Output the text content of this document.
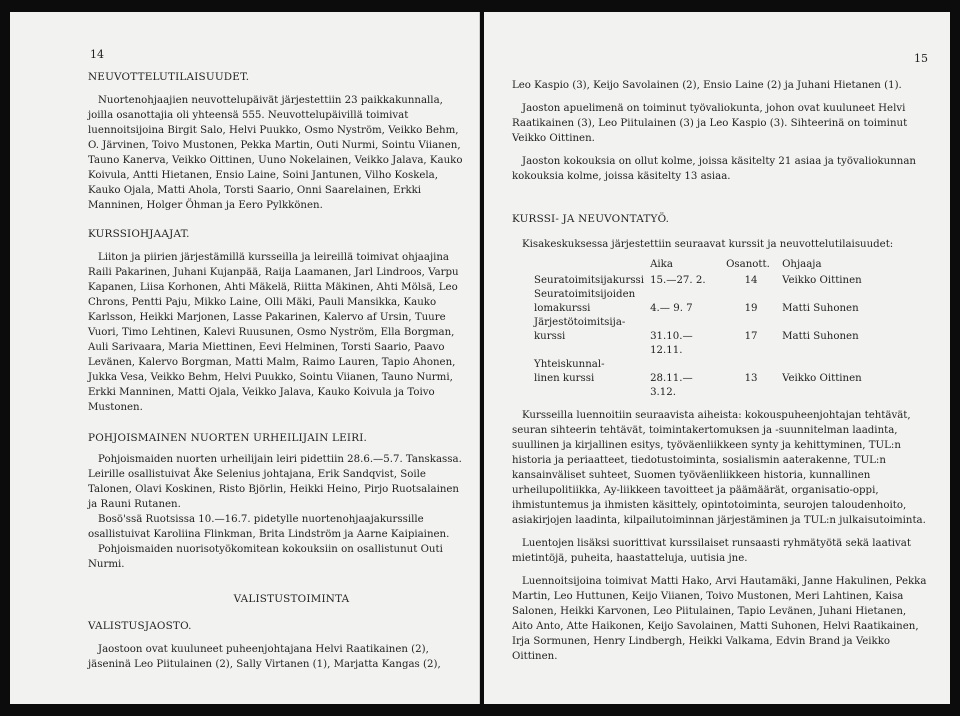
14
NEUVOTTELUTILAISUUDET.

Nuortenohjaajien neuvottelupäivät järjestettiin 23 paikkakunnalla, joilla osanottajia oli yhteensä 555. Neuvottelupäivillä toimivat luennoitsijoina Birgit Salo, Helvi Puukko, Osmo Nyström, Veikko Behm, O. Järvinen, Toivo Mustonen, Pekka Martin, Outi Nurmi, Sointu Viianen, Tauno Kanerva, Veikko Oittinen, Uuno Nokelainen, Veikko Jalava, Kauko Koivula, Antti Hietanen, Ensio Laine, Soini Jantunen, Vilho Koskela, Kauko Ojala, Matti Ahola, Torsti Saario, Onni Saarelainen, Erkki Manninen, Holger Öhman ja Eero Pylkkönen.

KURSSIOHJAAJAT.

Liiton ja piirien järjestämillä kursseilla ja leireillä toimivat ohjaajina Raili Pakarinen, Juhani Kujanpää, Raija Laamanen, Jarl Lindroos, Varpu Kapanen, Liisa Korhonen, Ahti Mäkelä, Riitta Mäkinen, Ahti Mölsä, Leo Chrons, Pentti Paju, Mikko Laine, Olli Mäki, Pauli Mansikka, Kauko Karlsson, Heikki Marjonen, Lasse Pakarinen, Kalervo af Ursin, Tuure Vuori, Timo Lehtinen, Kalevi Ruusunen, Osmo Nyström, Ella Borgman, Auli Sarivaara, Maria Miettinen, Eevi Helminen, Torsti Saario, Paavo Levänen, Kalervo Borgman, Matti Malm, Raimo Lauren, Tapio Ahonen, Jukka Vesa, Veikko Behm, Helvi Puukko, Sointu Viianen, Tauno Nurmi, Erkki Manninen, Matti Ojala, Veikko Jalava, Kauko Koivula ja Toivo Mustonen.

POHJOISMAINEN NUORTEN URHEILIJAIN LEIRI.

Pohjoismaiden nuorten urheilijain leiri pidettiin 28.6.—5.7. Tanskassa. Leirille osallistuivat Åke Selenius johtajana, Erik Sandqvist, Soile Talonen, Olavi Koskinen, Risto Björlin, Heikki Heino, Pirjo Ruotsalainen ja Rauni Rutanen.

Bosö'ssä Ruotsissa 10.—16.7. pidetylle nuortenohjaajakurssille osallistuivat Karoliina Flinkman, Brita Lindström ja Aarne Kaipiainen.

Pohjoismaiden nuorisotyökomitean kokouksiin on osallistunut Outi Nurmi.

VALISTUSTOIMINTA
VALISTUSJAOSTO.

Jaostoon ovat kuuluneet puheenjohtajana Helvi Raatikainen (2), jäseninä Leo Piitulainen (2), Sally Virtanen (1), Marjatta Kangas (2),

15

Leo Kaspio (3), Keijo Savolainen (2), Ensio Laine (2) ja Juhani Hietanen (1).

Jaoston apuelimenä on toiminut työvaliokunta, johon ovat kuuluneet Helvi Raatikainen (3), Leo Piitulainen (3) ja Leo Kaspio (3). Sihteerinä on toiminut Veikko Oittinen.

Jaoston kokouksia on ollut kolme, joissa käsitelty 21 asiaa ja työvaliokunnan kokouksia kolme, joissa käsitelty 13 asiaa.

KURSSI- JA NEUVONTATYÖ.

Kisakeskuksessa järjestettiin seuraavat kurssit ja neuvottelutilaisuudet:

	Aika	Osanott.	Ohjaaja
Seuratoimitsijakurssi	15.—27. 2.	14	Veikko Oittinen
Seuratoimitsijoiden			
lomakurssi	4.— 9. 7	19	Matti Suhonen
Järjestötoimitsija-			
kurssi	31.10.—12.11.	17	Matti Suhonen
Yhteiskunnal-			
linen kurssi	28.11.— 3.12.	13	Veikko Oittinen

Kursseilla luennoitiin seuraavista aiheista: kokouspuheenjohtajan tehtävät, seuran sihteerin tehtävät, toimintakertomuksen ja -suunnitelman laadinta, suullinen ja kirjallinen esitys, työväenliikkeen synty ja kehittyminen, TUL:n historia ja periaatteet, tiedotustoiminta, sosialismin aaterakenne, TUL:n kansainväliset suhteet, Suomen työväenliikkeen historia, kunnallinen urheilupolitiikka, Ay-liikkeen tavoitteet ja päämäärät, organisatio-oppi, ihmistuntemus ja ihmisten käsittely, opintotoiminta, seurojen taloudenhoito, asiakirjojen laadinta, kilpailutoiminnan järjestäminen ja TUL:n julkaisutoiminta.

Luentojen lisäksi suorittivat kurssilaiset runsaasti ryhmätyötä sekä laativat mietintöjä, puheita, haastatteluja, uutisia jne.

Luennoitsijoina toimivat Matti Hako, Arvi Hautamäki, Janne Hakulinen, Pekka Martin, Leo Huttunen, Keijo Viianen, Toivo Mustonen, Meri Lahtinen, Kaisa Salonen, Heikki Karvonen, Leo Piitulainen, Tapio Levänen, Juhani Hietanen, Aito Anto, Atte Haikonen, Keijo Savolainen, Matti Suhonen, Helvi Raatikainen, Irja Sormunen, Henry Lindbergh, Heikki Valkama, Edvin Brand ja Veikko Oittinen.
